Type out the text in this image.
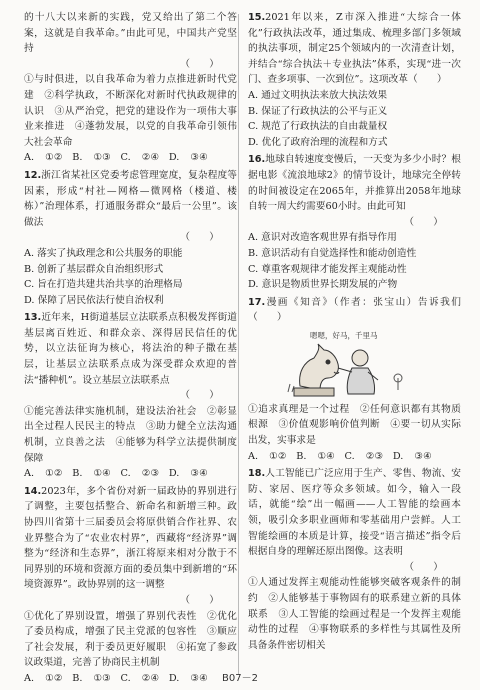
的十八大以来新的实践，党又给出了第二个答案，这就是自我革命。”由此可见，中国共产党坚持

（　　）

①与时俱进，以自我革命为着力点推进新时代党建　②科学执政，不断深化对新时代执政规律的认识　③从严治党，把党的建设作为一项伟大事业来推进　④蓬勃发展，以党的自我革命引领伟大社会革命

A. ①②　B. ①③　C. ②④　D. ③④

12.浙江省某社区党委考虑管理宽度，复杂程度等因素，形成“村社—网格—微网格（楼道、楼栋）”治理体系，打通服务群众“最后一公里”。该做法

（　　）

A. 落实了执政理念和公共服务的职能

B. 创新了基层群众自治组织形式

C. 旨在打造共建共治共享的治理格局

D. 保障了居民依法行使自治权利

13.近年来，H街道基层立法联系点积极发挥街道基层离百姓近、和群众亲、深得居民信任的优势，以立法征询为核心，将法治的种子撒在基层，让基层立法联系点成为深受群众欢迎的普法“播种机”。设立基层立法联系点

（　　）

①能完善法律实施机制，建设法治社会　②彰显出全过程人民民主的特点　③助力健全立法沟通机制，立良善之法　④能够为科学立法提供制度保障

A. ①②　B. ①④　C. ②③　D. ③④

14.2023年，多个省份对新一届政协的界别进行了调整，主要包括整合、新命名和新增三种。政协四川省第十三届委员会将原供销合作社界、农业界整合为了“农业农村界”，西藏将“经济界”调整为“经济和生态界”，浙江将原来相对分散于不同界别的环境和资源方面的委员集中到新增的“环境资源界”。政协界别的这一调整

（　　）

①优化了界别设置，增强了界别代表性　②优化了委员构成，增强了民主党派的包容性　③顺应了社会发展，利于委员更好履职　④拓宽了参政议政渠道，完善了协商民主机制

A. ①②　B. ①③　C. ②④　D. ③④

15.2021年以来，Z市深入推进“大综合一体化”行政执法改革，通过集成、梳理多部门多领域的执法事项，制定25个领域内的一次清查计划，并结合“综合执法＋专业执法”体系，实现“进一次门、查多项事、一次到位”。这项改革（　　）

A. 通过文明执法来放大执法效果

B. 保证了行政执法的公平与正义

C. 规范了行政执法的自由裁量权

D. 优化了政府治理的流程和方式

16.地球自转速度变慢后，一天变为多少小时？根据电影《流浪地球2》的情节设计，地球完全停转的时间被设定在2065年，并推算出2058年地球自转一周大约需要60小时。由此可知

（　　）

A. 意识对改造客观世界有指导作用

B. 意识活动有自觉选择性和能动创造性

C. 尊重客观规律才能发挥主观能动性

D. 意识是物质世界长期发展的产物

17.漫画《知音》（作者：张宝山）告诉我们（　　）

嗯嗯，好马，千里马

①追求真理是一个过程　②任何意识都有其物质根源　③价值观影响价值判断　④要一切从实际出发，实事求是

A. ①②　B. ①④　C. ②③　D. ③④

18.人工智能已广泛应用于生产、零售、物流、安防、家居、医疗等众多领域。如今，输入一段话，就能“绘”出一幅画——人工智能的绘画本领，吸引众多职业画师和零基础用户尝鲜。人工智能绘画的本质是计算，接受“语言描述”指令后根据自身的理解还原出图像。这表明

（　　）

①人通过发挥主观能动性能够突破客观条件的制约　②人能够基于事物固有的联系建立新的具体联系　③人工智能的绘画过程是一个发挥主观能动性的过程　④事物联系的多样性与其属性及所具备条件密切相关

B07－2
